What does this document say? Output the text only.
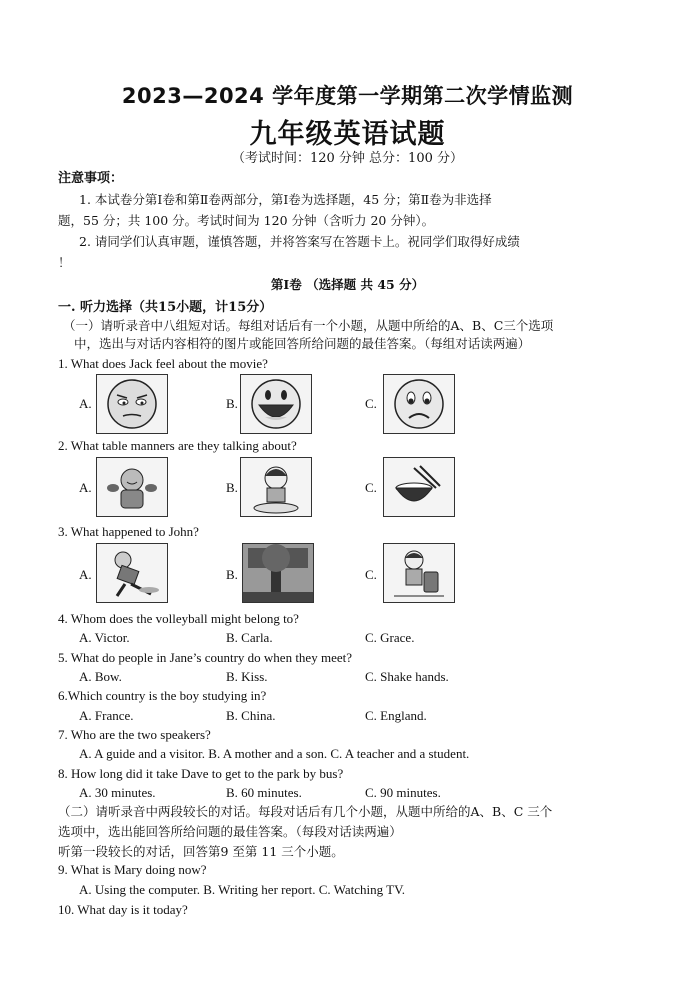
2023—2024 学年度第一学期第二次学情监测
九年级英语试题
（考试时间：120 分钟 总分：100 分）
注意事项：
1. 本试卷分第Ⅰ卷和第Ⅱ卷两部分，第Ⅰ卷为选择题，45 分；第Ⅱ卷为非选择
题，55 分；共 100 分。考试时间为 120 分钟（含听力 20 分钟）。
2. 请同学们认真审题，谨慎答题，并将答案写在答题卡上。祝同学们取得好成绩
！
第Ⅰ卷 （选择题 共 45 分）
一. 听力选择（共15小题，计15分）
（一）请听录音中八组短对话。每组对话后有一个小题，从题中所给的A、B、C三个选项
中，选出与对话内容相符的图片或能回答所给问题的最佳答案。（每组对话读两遍）
1. What does Jack feel about the movie?
A.	B.	C.
2. What table manners are they talking about?
A.	B.	C.
3. What happened to John?
A.	B.	C.
4. Whom does the volleyball might belong to?
A. Victor.	B. Carla.	C. Grace.
5. What do people in Jane’s country do when they meet?
A. Bow.	B. Kiss.	C. Shake hands.
6.Which country is the boy studying in?
A. France.	B. China.	C. England.
7. Who are the two speakers?
A. A guide and a visitor. B. A mother and a son. C. A teacher and a student.
8. How long did it take Dave to get to the park by bus?
A. 30 minutes.	B. 60 minutes.	C. 90 minutes.
（二）请听录音中两段较长的对话。每段对话后有几个小题，从题中所给的A、B、C 三个
选项中，选出能回答所给问题的最佳答案。（每段对话读两遍）
听第一段较长的对话，回答第9 至第 11 三个小题。
9. What is Mary doing now?
A. Using the computer. B. Writing her report. C. Watching TV.
10. What day is it today?
